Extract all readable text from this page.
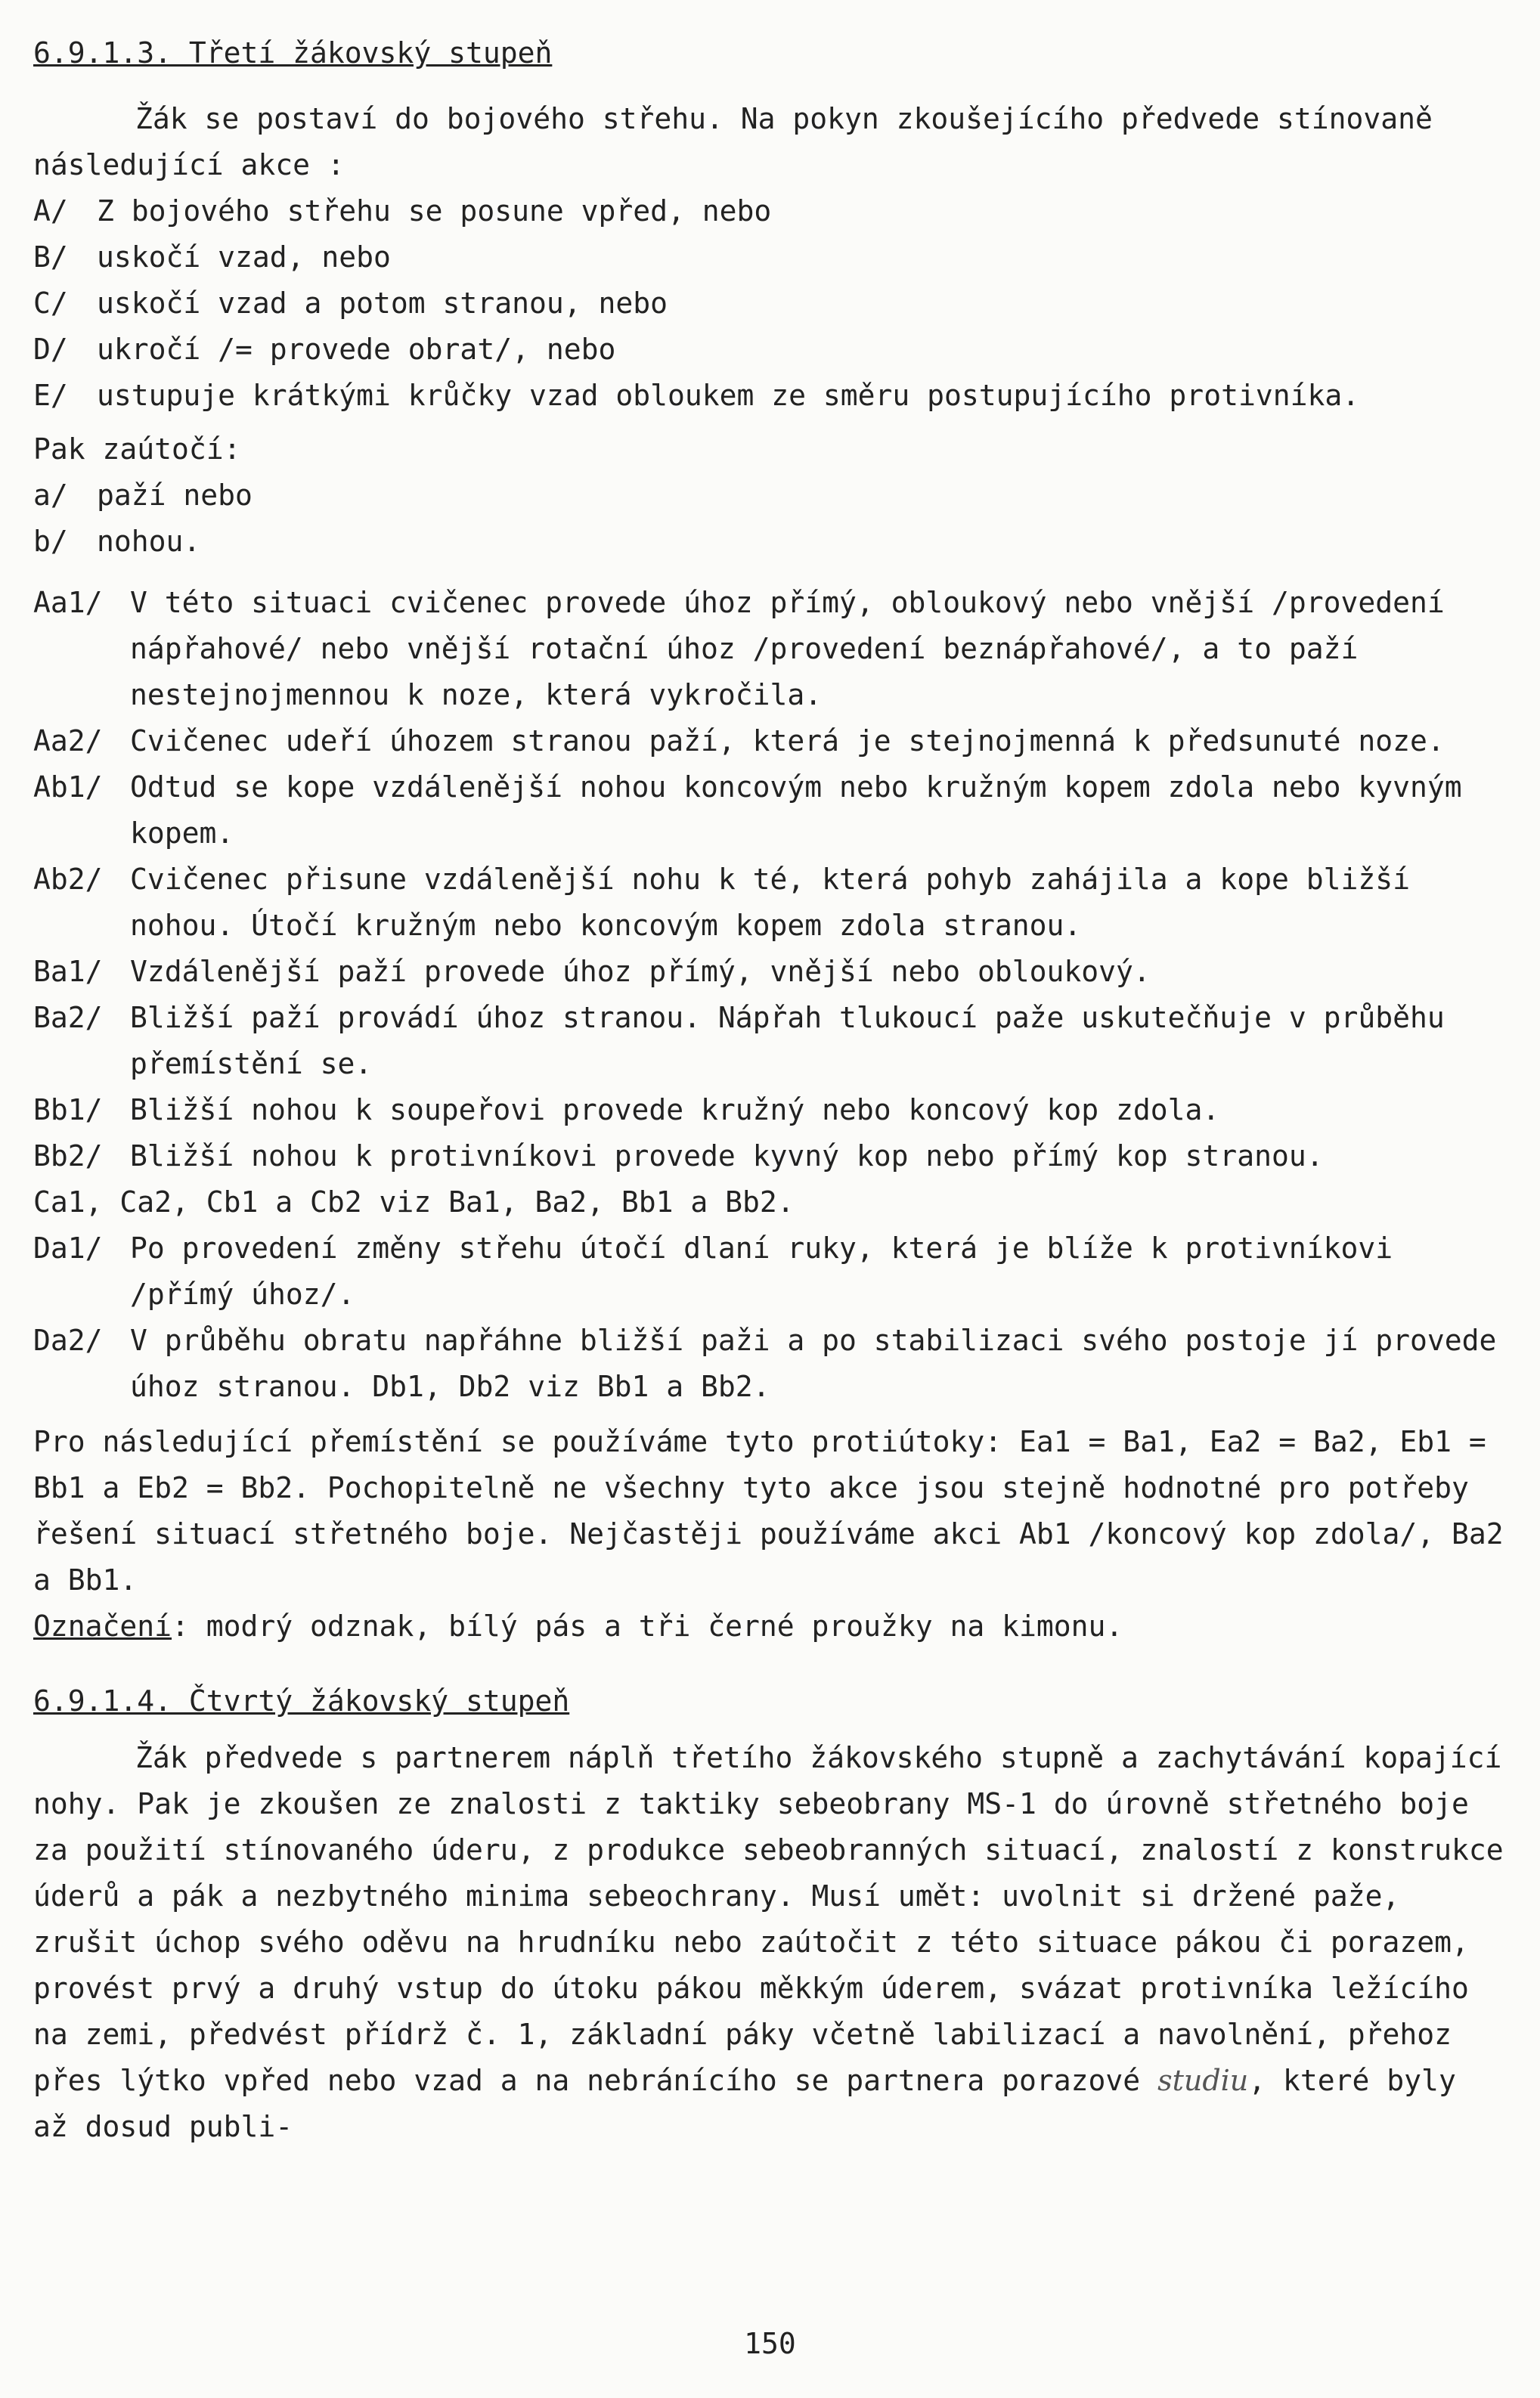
6.9.1.3. Třetí žákovský stupeň

Žák se postaví do bojového střehu. Na pokyn zkoušejícího předvede stínovaně následující akce :

A/	Z bojového střehu se posune vpřed, nebo
B/	uskočí vzad, nebo
C/	uskočí vzad a potom stranou, nebo
D/	ukročí /= provede obrat/, nebo
E/	ustupuje krátkými krůčky vzad obloukem ze směru postupujícího protivníka.

Pak zaútočí:

a/	paží nebo
b/	nohou.
Aa1/ V této situaci cvičenec provede úhoz přímý, obloukový nebo vnější /provedení nápřahové/ nebo vnější rotační úhoz /provedení beznápřahové/, a to paží nestejnojmennou k noze, která vykročila.
Aa2/ Cvičenec udeří úhozem stranou paží, která je stejnojmenná k předsunuté noze.
Ab1/ Odtud se kope vzdálenější nohou koncovým nebo kružným kopem zdola nebo kyvným kopem.
Ab2/ Cvičenec přisune vzdálenější nohu k té, která pohyb zahájila a kope bližší nohou. Útočí kružným nebo koncovým kopem zdola stranou.
Ba1/ Vzdálenější paží provede úhoz přímý, vnější nebo obloukový.
Ba2/ Bližší paží provádí úhoz stranou. Nápřah tlukoucí paže uskutečňuje v průběhu přemístění se.
Bb1/ Bližší nohou k soupeřovi provede kružný nebo koncový kop zdola.
Bb2/ Bližší nohou k protivníkovi provede kyvný kop nebo přímý kop stranou.

Ca1, Ca2, Cb1 a Cb2 viz Ba1, Ba2, Bb1 a Bb2.

Da1/ Po provedení změny střehu útočí dlaní ruky, která je blíže k protivníkovi /přímý úhoz/.
Da2/ V průběhu obratu napřáhne bližší paži a po stabilizaci svého postoje jí provede úhoz stranou. Db1, Db2 viz Bb1 a Bb2.

Pro následující přemístění se používáme tyto protiútoky: Ea1 = Ba1, Ea2 = Ba2, Eb1 = Bb1 a Eb2 = Bb2. Pochopitelně ne všechny tyto akce jsou stejně hodnotné pro potřeby řešení situací střetného boje. Nejčastěji používáme akci Ab1 /koncový kop zdola/, Ba2 a Bb1.

Označení: modrý odznak, bílý pás a tři černé proužky na kimonu.

6.9.1.4. Čtvrtý žákovský stupeň

Žák předvede s partnerem náplň třetího žákovského stupně a zachytávání kopající nohy. Pak je zkoušen ze znalosti z taktiky sebeobrany MS-1 do úrovně střetného boje za použití stínovaného úderu, z produkce sebeobranných situací, znalostí z konstrukce úderů a pák a nezbytného minima sebeochrany. Musí umět: uvolnit si držené paže, zrušit úchop svého oděvu na hrudníku nebo zaútočit z této situace pákou či porazem, provést prvý a druhý vstup do útoku pákou měkkým úderem, svázat protivníka ležícího na zemi, předvést přídrž č. 1, základní páky včetně labilizací a navolnění, přehoz přes lýtko vpřed nebo vzad a na nebránícího se partnera porazové studiu, které byly až dosud publi-

150
